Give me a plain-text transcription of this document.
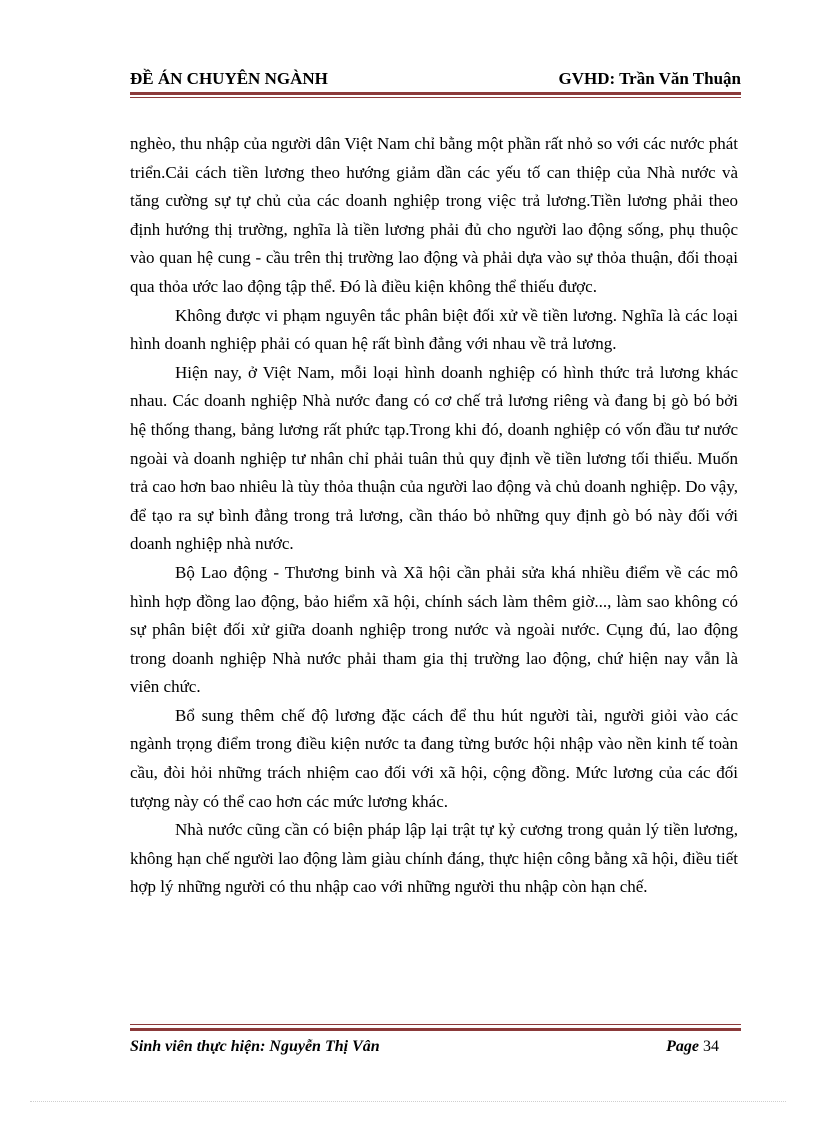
ĐỀ ÁN CHUYÊN NGÀNH	GVHD: Trần Văn Thuận

nghèo, thu nhập của người dân Việt Nam chỉ bằng một phần rất nhỏ so với các nước phát triển.Cải cách tiền lương theo hướng giảm dần các yếu tố can thiệp của Nhà nước và tăng cường sự tự chủ của các doanh nghiệp trong việc trả lương.Tiền lương phải theo định hướng thị trường, nghĩa là tiền lương phải đủ cho người lao động sống, phụ thuộc vào quan hệ cung - cầu trên thị trường lao động và phải dựa vào sự thỏa thuận, đối thoại qua thỏa ước lao động tập thể. Đó là điều kiện không thể thiếu được.

Không được vi phạm nguyên tắc phân biệt đối xử về tiền lương. Nghĩa là các loại hình doanh nghiệp phải có quan hệ rất bình đẳng với nhau về trả lương.

Hiện nay, ở Việt Nam, mỗi loại hình doanh nghiệp có hình thức trả lương khác nhau. Các doanh nghiệp Nhà nước đang có cơ chế trả lương riêng và đang bị gò bó bởi hệ thống thang, bảng lương rất phức tạp.Trong khi đó, doanh nghiệp có vốn đầu tư nước ngoài và doanh nghiệp tư nhân chỉ phải tuân thủ quy định về tiền lương tối thiểu. Muốn trả cao hơn bao nhiêu là tùy thỏa thuận của người lao động và chủ doanh nghiệp. Do vậy, để tạo ra sự bình đẳng trong trả lương, cần tháo bỏ những quy định gò bó này đối với doanh nghiệp nhà nước.

Bộ Lao động - Thương binh và Xã hội cần phải sửa khá nhiều điểm về các mô hình hợp đồng lao động, bảo hiểm xã hội, chính sách làm thêm giờ..., làm sao không có sự phân biệt đối xử giữa doanh nghiệp trong nước và ngoài nước. Cụng đú, lao động trong doanh nghiệp Nhà nước phải tham gia thị trường lao động, chứ hiện nay vẫn là viên chức.

Bổ sung thêm chế độ lương đặc cách để thu hút người tài, người giỏi vào các ngành trọng điểm trong điều kiện nước ta đang từng bước hội nhập vào nền kinh tế toàn cầu, đòi hỏi những trách nhiệm cao đối với xã hội, cộng đồng. Mức lương của các đối tượng này có thể cao hơn các mức lương khác.

Nhà nước cũng cần có biện pháp lập lại trật tự kỷ cương trong quản lý tiền lương, không hạn chế người lao động làm giàu chính đáng, thực hiện công bằng xã hội, điều tiết hợp lý những người có thu nhập cao với những người thu nhập còn hạn chế.

Sinh viên thực hiện: Nguyễn Thị Vân	Page 34
